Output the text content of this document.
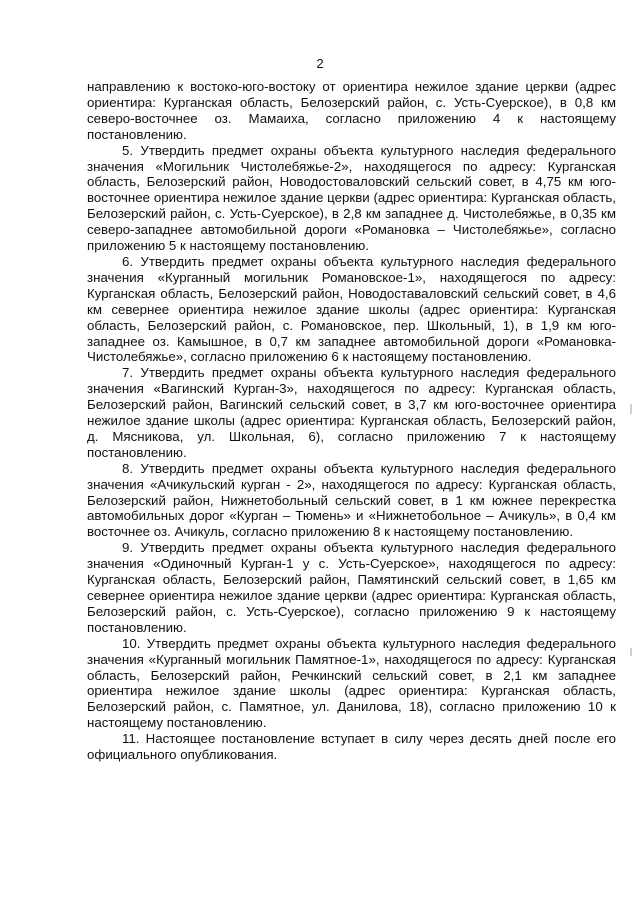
2

направлению к востоко-юго-востоку от ориентира нежилое здание церкви (адрес ориентира: Курганская область, Белозерский район, с. Усть-Суерское), в 0,8 км северо-восточнее оз. Мамаиха, согласно приложению 4 к настоящему постановлению.

5. Утвердить предмет охраны объекта культурного наследия федерального значения «Могильник Чистолебяжье-2», находящегося по адресу: Курганская область, Белозерский район, Новодостоваловский сельский совет, в 4,75 км юго-восточнее ориентира нежилое здание церкви (адрес ориентира: Курганская область, Белозерский район, с. Усть-Суерское), в 2,8 км западнее д. Чистолебяжье, в 0,35 км северо-западнее автомобильной дороги «Романовка – Чистолебяжье», согласно приложению 5 к настоящему постановлению.

6. Утвердить предмет охраны объекта культурного наследия федерального значения «Курганный могильник Романовское-1», находящегося по адресу: Курганская область, Белозерский район, Новодоставаловский сельский совет, в 4,6 км севернее ориентира нежилое здание школы (адрес ориентира: Курганская область, Белозерский район, с. Романовское, пер. Школьный, 1), в 1,9 км юго-западнее оз. Камышное, в 0,7 км западнее автомобильной дороги «Романовка-Чистолебяжье», согласно приложению 6 к настоящему постановлению.

7. Утвердить предмет охраны объекта культурного наследия федерального значения «Вагинский Курган-3», находящегося по адресу: Курганская область, Белозерский район, Вагинский сельский совет, в 3,7 км юго-восточнее ориентира нежилое здание школы (адрес ориентира: Курганская область, Белозерский район, д. Мясникова, ул. Школьная, 6), согласно приложению 7 к настоящему постановлению.

8. Утвердить предмет охраны объекта культурного наследия федерального значения «Ачикульский курган - 2», находящегося по адресу: Курганская область, Белозерский район, Нижнетобольный сельский совет, в 1 км южнее перекрестка автомобильных дорог «Курган – Тюмень» и «Нижнетобольное – Ачикуль», в 0,4 км восточнее оз. Ачикуль, согласно приложению 8 к настоящему постановлению.

9. Утвердить предмет охраны объекта культурного наследия федерального значения «Одиночный Курган-1 у с. Усть-Суерское», находящегося по адресу: Курганская область, Белозерский район, Памятинский сельский совет, в 1,65 км севернее ориентира нежилое здание церкви (адрес ориентира: Курганская область, Белозерский район, с. Усть-Суерское), согласно приложению 9 к настоящему постановлению.

10. Утвердить предмет охраны объекта культурного наследия федерального значения «Курганный могильник Памятное-1», находящегося по адресу: Курганская область, Белозерский район, Речкинский сельский совет, в 2,1 км западнее ориентира нежилое здание школы (адрес ориентира: Курганская область, Белозерский район, с. Памятное, ул. Данилова, 18), согласно приложению 10 к настоящему постановлению.

11. Настоящее постановление вступает в силу через десять дней после его официального опубликования.
